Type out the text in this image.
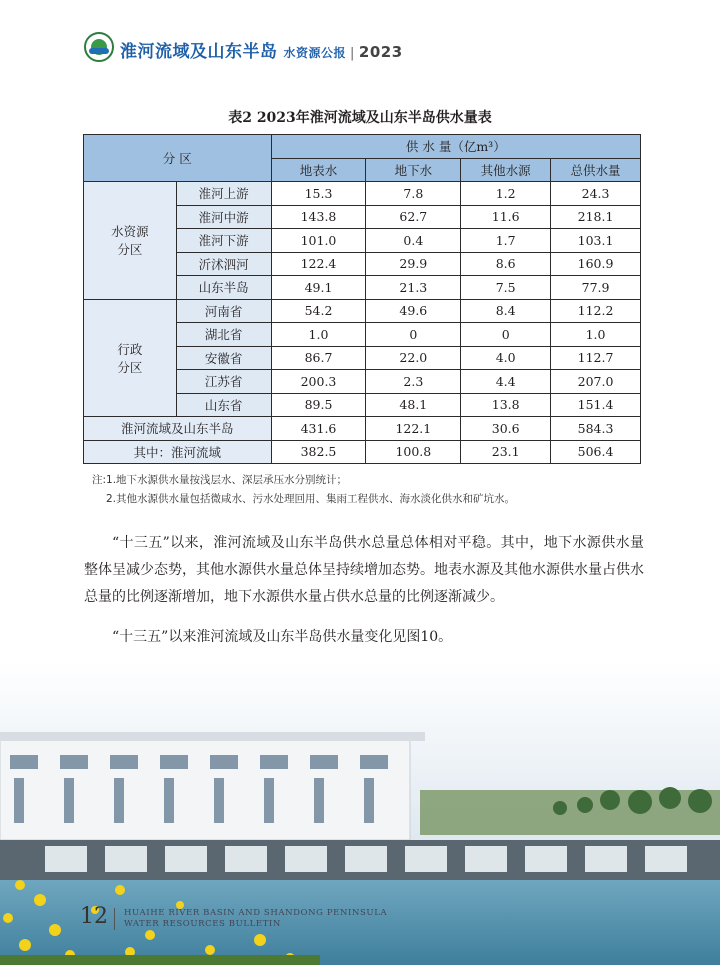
淮河流域及山东半岛 水资源公报 | 2023
表2 2023年淮河流域及山东半岛供水量表
分 区		供 水 量（亿m³）			
		地表水	地下水	其他水源	总供水量

水资源
分区	淮河上游	15.3	7.8	1.2	24.3
	淮河中游	143.8	62.7	11.6	218.1
	淮河下游	101.0	0.4	1.7	103.1
	沂沭泗河	122.4	29.9	8.6	160.9
	山东半岛	49.1	21.3	7.5	77.9

行政
分区	河南省	54.2	49.6	8.4	112.2
	湖北省	1.0	0	0	1.0
	安徽省	86.7	22.0	4.0	112.7
	江苏省	200.3	2.3	4.4	207.0
	山东省	89.5	48.1	13.8	151.4
淮河流域及山东半岛		431.6	122.1	30.6	584.3
其中：淮河流域		382.5	100.8	23.1	506.4
注:1.地下水源供水量按浅层水、深层承压水分别统计；
2.其他水源供水量包括微咸水、污水处理回用、集雨工程供水、海水淡化供水和矿坑水。
“十三五”以来，淮河流域及山东半岛供水总量总体相对平稳。其中，地下水源供水量整体呈减少态势，其他水源供水量总体呈持续增加态势。地表水源及其他水源供水量占供水总量的比例逐渐增加，地下水源供水量占供水总量的比例逐渐减少。
“十三五”以来淮河流域及山东半岛供水量变化见图10。
12 HUAIHE RIVER BASIN AND SHANDONG PENINSULA
WATER RESOURCES BULLETIN
